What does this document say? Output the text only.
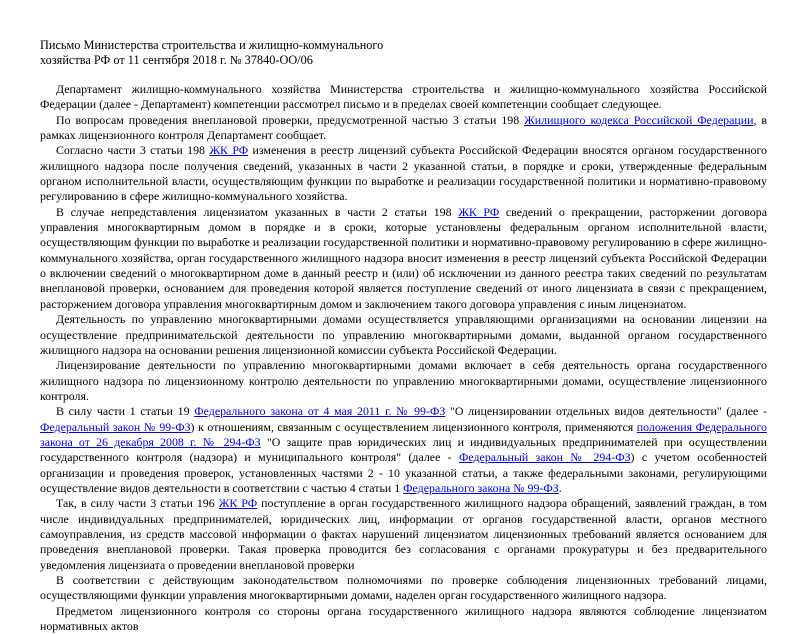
Письмо Министерства строительства и жилищно-коммунального
хозяйства РФ от 11 сентября 2018 г. № 37840-ОО/06

Департамент жилищно-коммунального хозяйства Министерства строительства и жилищно-коммунального хозяйства Российской Федерации (далее - Департамент) компетенции рассмотрел письмо и в пределах своей компетенции сообщает следующее.

По вопросам проведения внеплановой проверки, предусмотренной частью 3 статьи 198 Жилищного кодекса Российской Федерации, в рамках лицензионного контроля Департамент сообщает.

Согласно части 3 статьи 198 ЖК РФ изменения в реестр лицензий субъекта Российской Федерации вносятся органом государственного жилищного надзора после получения сведений, указанных в части 2 указанной статьи, в порядке и сроки, утвержденные федеральным органом исполнительной власти, осуществляющим функции по выработке и реализации государственной политики и нормативно-правовому регулированию в сфере жилищно-коммунального хозяйства.

В случае непредставления лицензиатом указанных в части 2 статьи 198 ЖК РФ сведений о прекращении, расторжении договора управления многоквартирным домом в порядке и в сроки, которые установлены федеральным органом исполнительной власти, осуществляющим функции по выработке и реализации государственной политики и нормативно-правовому регулированию в сфере жилищно-коммунального хозяйства, орган государственного жилищного надзора вносит изменения в реестр лицензий субъекта Российской Федерации о включении сведений о многоквартирном доме в данный реестр и (или) об исключении из данного реестра таких сведений по результатам внеплановой проверки, основанием для проведения которой является поступление сведений от иного лицензиата в связи с прекращением, расторжением договора управления многоквартирным домом и заключением такого договора управления с иным лицензиатом.

Деятельность по управлению многоквартирными домами осуществляется управляющими организациями на основании лицензии на осуществление предпринимательской деятельности по управлению многоквартирными домами, выданной органом государственного жилищного надзора на основании решения лицензионной комиссии субъекта Российской Федерации.

Лицензирование деятельности по управлению многоквартирными домами включает в себя деятельность органа государственного жилищного надзора по лицензионному контролю деятельности по управлению многоквартирными домами, осуществление лицензионного контроля.

В силу части 1 статьи 19 Федерального закона от 4 мая 2011 г. № 99-ФЗ "О лицензировании отдельных видов деятельности" (далее - Федеральный закон № 99-ФЗ) к отношениям, связанным с осуществлением лицензионного контроля, применяются положения Федерального закона от 26 декабря 2008 г. № 294-ФЗ "О защите прав юридических лиц и индивидуальных предпринимателей при осуществлении государственного контроля (надзора) и муниципального контроля" (далее - Федеральный закон № 294-ФЗ) с учетом особенностей организации и проведения проверок, установленных частями 2 - 10 указанной статьи, а также федеральными законами, регулирующими осуществление видов деятельности в соответствии с частью 4 статьи 1 Федерального закона № 99-ФЗ.

Так, в силу части 3 статьи 196 ЖК РФ поступление в орган государственного жилищного надзора обращений, заявлений граждан, в том числе индивидуальных предпринимателей, юридических лиц, информации от органов государственной власти, органов местного самоуправления, из средств массовой информации о фактах нарушений лицензиатом лицензионных требований является основанием для проведения внеплановой проверки. Такая проверка проводится без согласования с органами прокуратуры и без предварительного уведомления лицензиата о проведении внеплановой проверки

В соответствии с действующим законодательством полномочиями по проверке соблюдения лицензионных требований лицами, осуществляющими функции управления многоквартирными домами, наделен орган государственного жилищного надзора.

Предметом лицензионного контроля со стороны органа государственного жилищного надзора являются соблюдение лицензиатом нормативных актов
